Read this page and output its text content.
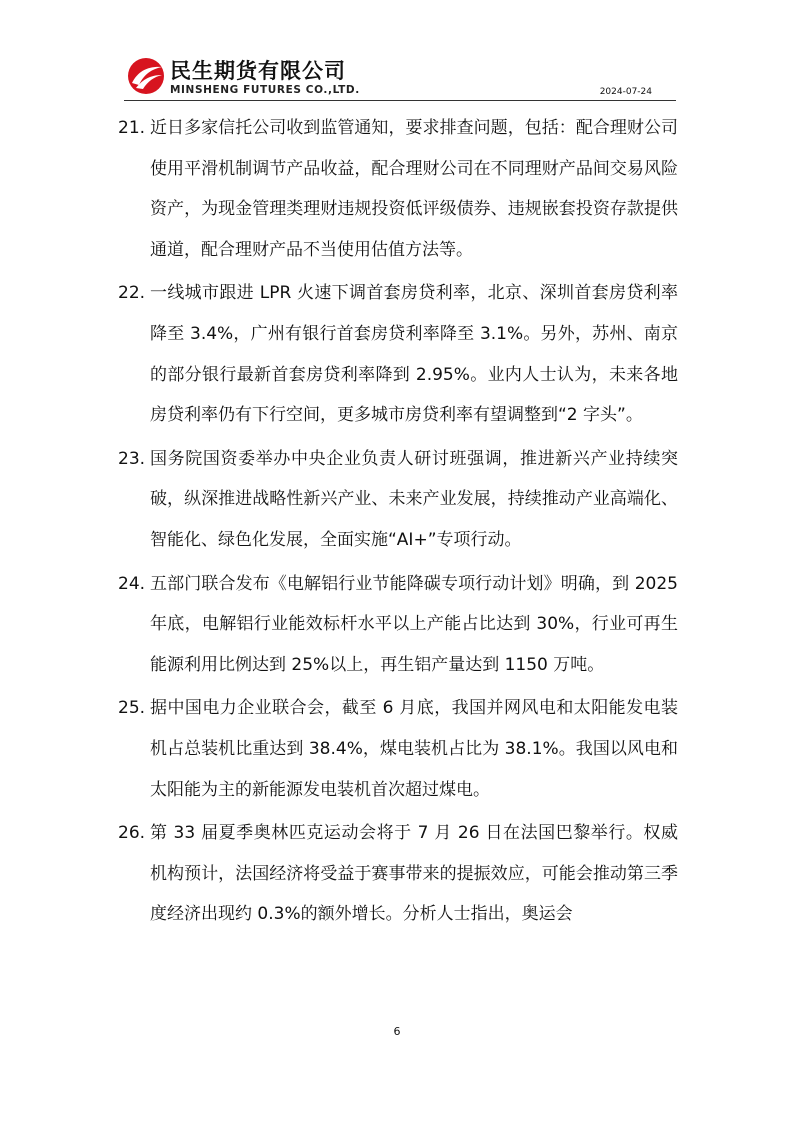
民生期货有限公司
MINSHENG FUTURES CO.,LTD.	2024-07-24
21. 近日多家信托公司收到监管通知，要求排查问题，包括：配合理财公司使用平滑机制调节产品收益，配合理财公司在不同理财产品间交易风险资产，为现金管理类理财违规投资低评级债券、违规嵌套投资存款提供通道，配合理财产品不当使用估值方法等。
22. 一线城市跟进 LPR 火速下调首套房贷利率，北京、深圳首套房贷利率降至 3.4%，广州有银行首套房贷利率降至 3.1%。另外，苏州、南京的部分银行最新首套房贷利率降到 2.95%。业内人士认为，未来各地房贷利率仍有下行空间，更多城市房贷利率有望调整到“2 字头”。
23. 国务院国资委举办中央企业负责人研讨班强调，推进新兴产业持续突破，纵深推进战略性新兴产业、未来产业发展，持续推动产业高端化、智能化、绿色化发展，全面实施“AI+”专项行动。
24. 五部门联合发布《电解铝行业节能降碳专项行动计划》明确，到 2025 年底，电解铝行业能效标杆水平以上产能占比达到 30%，行业可再生能源利用比例达到 25%以上，再生铝产量达到 1150 万吨。
25. 据中国电力企业联合会，截至 6 月底，我国并网风电和太阳能发电装机占总装机比重达到 38.4%，煤电装机占比为 38.1%。我国以风电和太阳能为主的新能源发电装机首次超过煤电。
26. 第 33 届夏季奥林匹克运动会将于 7 月 26 日在法国巴黎举行。权威机构预计，法国经济将受益于赛事带来的提振效应，可能会推动第三季度经济出现约 0.3%的额外增长。分析人士指出，奥运会
6
